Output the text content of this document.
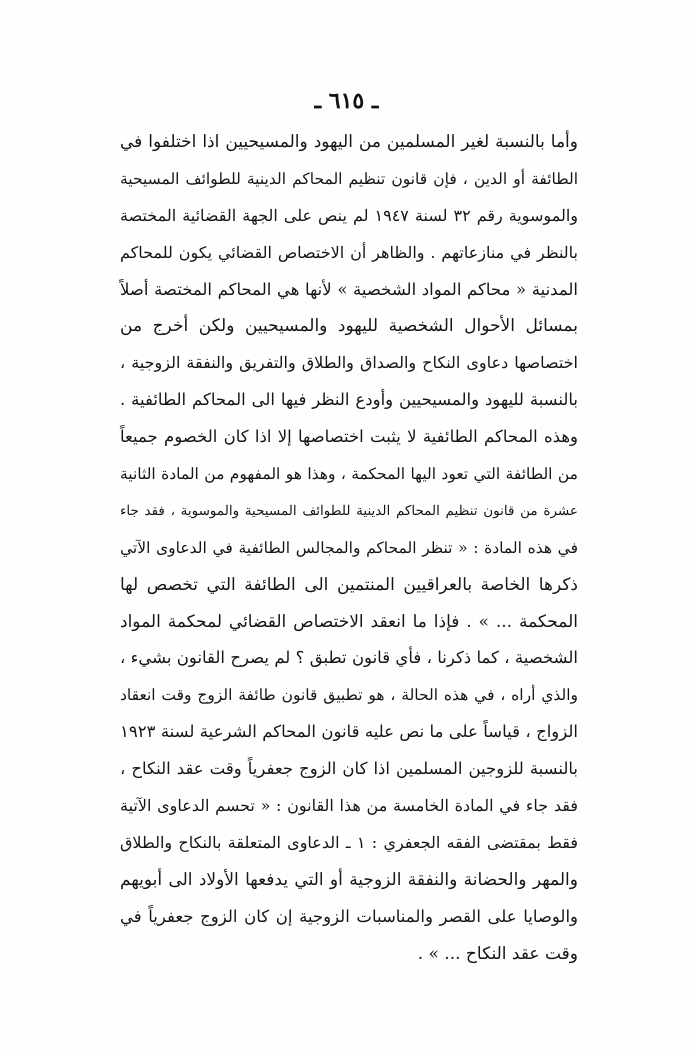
ـ ٦١٥ ـ
وأما بالنسبة لغير المسلمين من اليهود والمسيحيين اذا اختلفوا في
الطائفة أو الدين ، فإن قانون تنظيم المحاكم الدينية للطوائف المسيحية
والموسوية رقم ٣٢ لسنة ١٩٤٧ لم ينص على الجهة القضائية المختصة
بالنظر في منازعاتهم . والظاهر أن الاختصاص القضائي يكون للمحاكم
المدنية « محاكم المواد الشخصية » لأنها هي المحاكم المختصة أصلاً
بمسائل الأحوال الشخصية لليهود والمسيحيين ولكن أخرج من
اختصاصها دعاوى النكاح والصداق والطلاق والتفريق والنفقة الزوجية ،
بالنسبة لليهود والمسيحيين وأودع النظر فيها الى المحاكم الطائفية .
وهذه المحاكم الطائفية لا يثبت اختصاصها إلا اذا كان الخصوم جميعاً
من الطائفة التي تعود اليها المحكمة ، وهذا هو المفهوم من المادة الثانية
عشرة من قانون تنظيم المحاكم الدينية للطوائف المسيحية والموسوية ، فقد جاء
في هذه المادة : « تنظر المحاكم والمجالس الطائفية في الدعاوى الآتي
ذكرها الخاصة بالعراقيين المنتمين الى الطائفة التي تخصص لها
المحكمة ... » . فإذا ما انعقد الاختصاص القضائي لمحكمة المواد
الشخصية ، كما ذكرنا ، فأي قانون تطبق ؟ لم يصرح القانون بشيء ،
والذي أراه ، في هذه الحالة ، هو تطبيق قانون طائفة الزوج وقت انعقاد
الزواج ، قياساً على ما نص عليه قانون المحاكم الشرعية لسنة ١٩٢٣
بالنسبة للزوجين المسلمين اذا كان الزوج جعفرياً وقت عقد النكاح ،
فقد جاء في المادة الخامسة من هذا القانون : « تحسم الدعاوى الآتية
فقط بمقتضى الفقه الجعفري : ١ ـ الدعاوى المتعلقة بالنكاح والطلاق
والمهر والحضانة والنفقة الزوجية أو التي يدفعها الأولاد الى أبويهم
والوصايا على القصر والمناسبات الزوجية إن كان الزوج جعفرياً في
وقت عقد النكاح ... » .
